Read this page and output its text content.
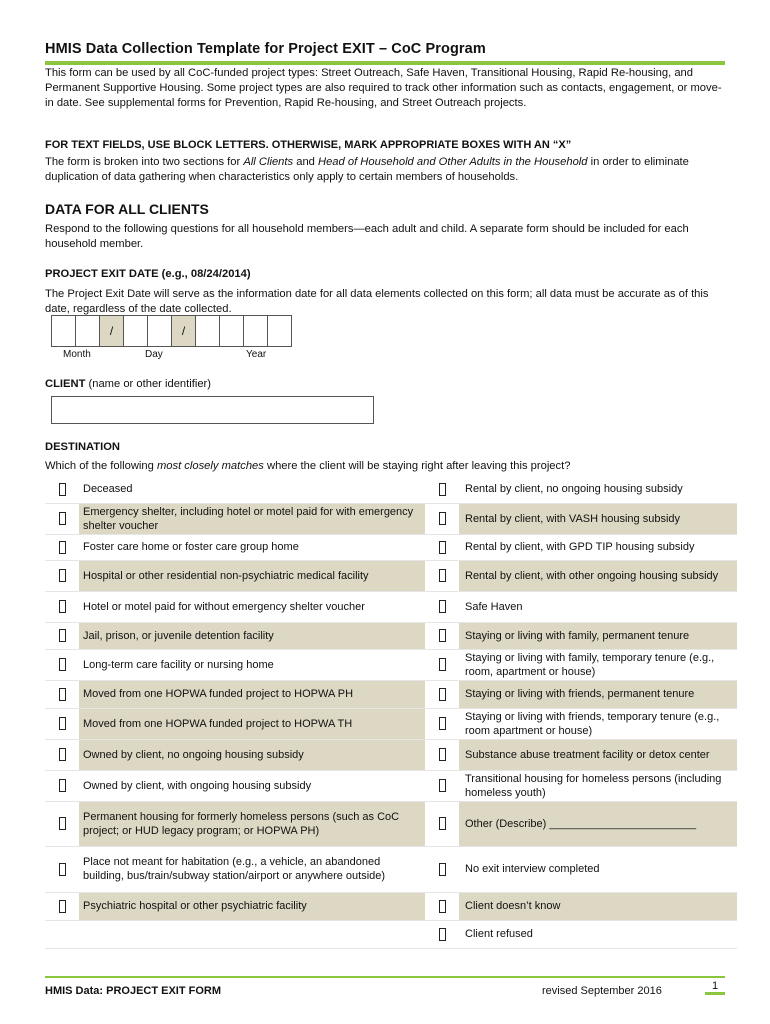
HMIS Data Collection Template for Project EXIT – CoC Program
This form can be used by all CoC-funded project types: Street Outreach, Safe Haven, Transitional Housing, Rapid Re-housing, and Permanent Supportive Housing. Some project types are also required to track other information such as contacts, engagement, or move-in date. See supplemental forms for Prevention, Rapid Re-housing, and Street Outreach projects.
FOR TEXT FIELDS, USE BLOCK LETTERS. OTHERWISE, MARK APPROPRIATE BOXES WITH AN “X”
The form is broken into two sections for All Clients and Head of Household and Other Adults in the Household in order to eliminate duplication of data gathering when characteristics only apply to certain members of households.
DATA FOR ALL CLIENTS
Respond to the following questions for all household members—each adult and child. A separate form should be included for each household member.
PROJECT EXIT DATE (e.g., 08/24/2014)
The Project Exit Date will serve as the information date for all data elements collected on this form; all data must be accurate as of this date, regardless of the date collected.
/	/
Month	Day	Year
CLIENT (name or other identifier)
DESTINATION
Which of the following most closely matches where the client will be staying right after leaving this project?
	Deceased		Rental by client, no ongoing housing subsidy
	Emergency shelter, including hotel or motel paid for with emergency shelter voucher		Rental by client, with VASH housing subsidy
	Foster care home or foster care group home		Rental by client, with GPD TIP housing subsidy
	Hospital or other residential non-psychiatric medical facility		Rental by client, with other ongoing housing subsidy
	Hotel or motel paid for without emergency shelter voucher		Safe Haven
	Jail, prison, or juvenile detention facility		Staying or living with family, permanent tenure
	Long-term care facility or nursing home		Staying or living with family, temporary tenure (e.g., room, apartment or house)
	Moved from one HOPWA funded project to HOPWA PH		Staying or living with friends, permanent tenure
	Moved from one HOPWA funded project to HOPWA TH		Staying or living with friends, temporary tenure (e.g., room apartment or house)
	Owned by client, no ongoing housing subsidy		Substance abuse treatment facility or detox center
	Owned by client, with ongoing housing subsidy		Transitional housing for homeless persons (including homeless youth)
	Permanent housing for formerly homeless persons (such as CoC project; or HUD legacy program; or HOPWA PH)		Other (Describe) ________________________
	Place not meant for habitation (e.g., a vehicle, an abandoned building, bus/train/subway station/airport or anywhere outside)		No exit interview completed
	Psychiatric hospital or other psychiatric facility		Client doesn’t know
			Client refused
HMIS Data: PROJECT EXIT FORM	revised September 2016	1
